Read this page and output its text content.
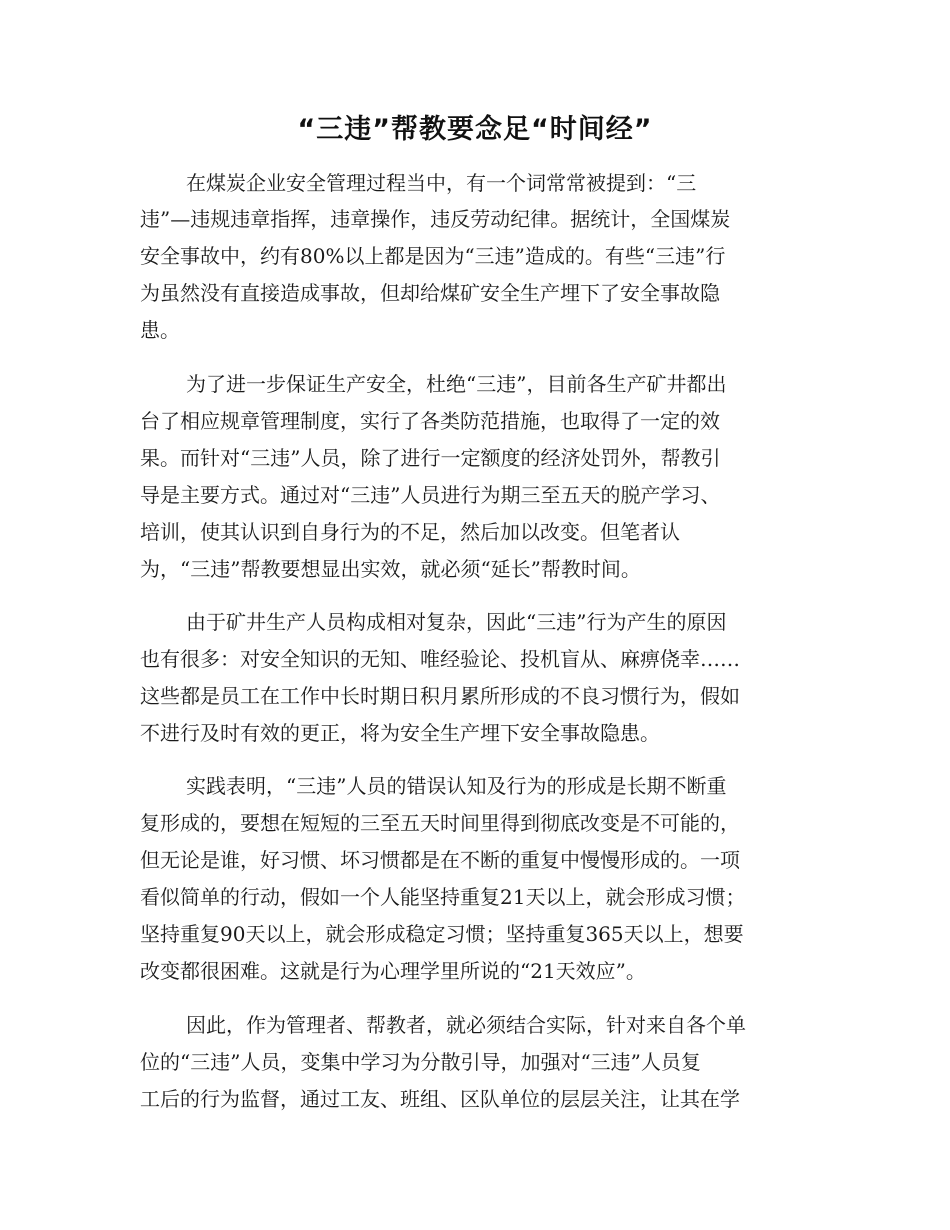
“三违”帮教要念足“时间经”
在煤炭企业安全管理过程当中，有一个词常常被提到：“三
违”—违规违章指挥，违章操作，违反劳动纪律。据统计，全国煤炭
安全事故中，约有80%以上都是因为“三违”造成的。有些“三违”行
为虽然没有直接造成事故，但却给煤矿安全生产埋下了安全事故隐
患。
为了进一步保证生产安全，杜绝“三违”，目前各生产矿井都出
台了相应规章管理制度，实行了各类防范措施，也取得了一定的效
果。而针对“三违”人员，除了进行一定额度的经济处罚外，帮教引
导是主要方式。通过对“三违”人员进行为期三至五天的脱产学习、
培训，使其认识到自身行为的不足，然后加以改变。但笔者认
为，“三违”帮教要想显出实效，就必须“延长”帮教时间。
由于矿井生产人员构成相对复杂，因此“三违”行为产生的原因
也有很多：对安全知识的无知、唯经验论、投机盲从、麻痹侥幸……
这些都是员工在工作中长时期日积月累所形成的不良习惯行为，假如
不进行及时有效的更正，将为安全生产埋下安全事故隐患。
实践表明，“三违”人员的错误认知及行为的形成是长期不断重
复形成的，要想在短短的三至五天时间里得到彻底改变是不可能的，
但无论是谁，好习惯、坏习惯都是在不断的重复中慢慢形成的。一项
看似简单的行动，假如一个人能坚持重复21天以上，就会形成习惯；
坚持重复90天以上，就会形成稳定习惯；坚持重复365天以上，想要
改变都很困难。这就是行为心理学里所说的“21天效应”。
因此，作为管理者、帮教者，就必须结合实际，针对来自各个单
位的“三违”人员，变集中学习为分散引导，加强对“三违”人员复
工后的行为监督，通过工友、班组、区队单位的层层关注，让其在学
